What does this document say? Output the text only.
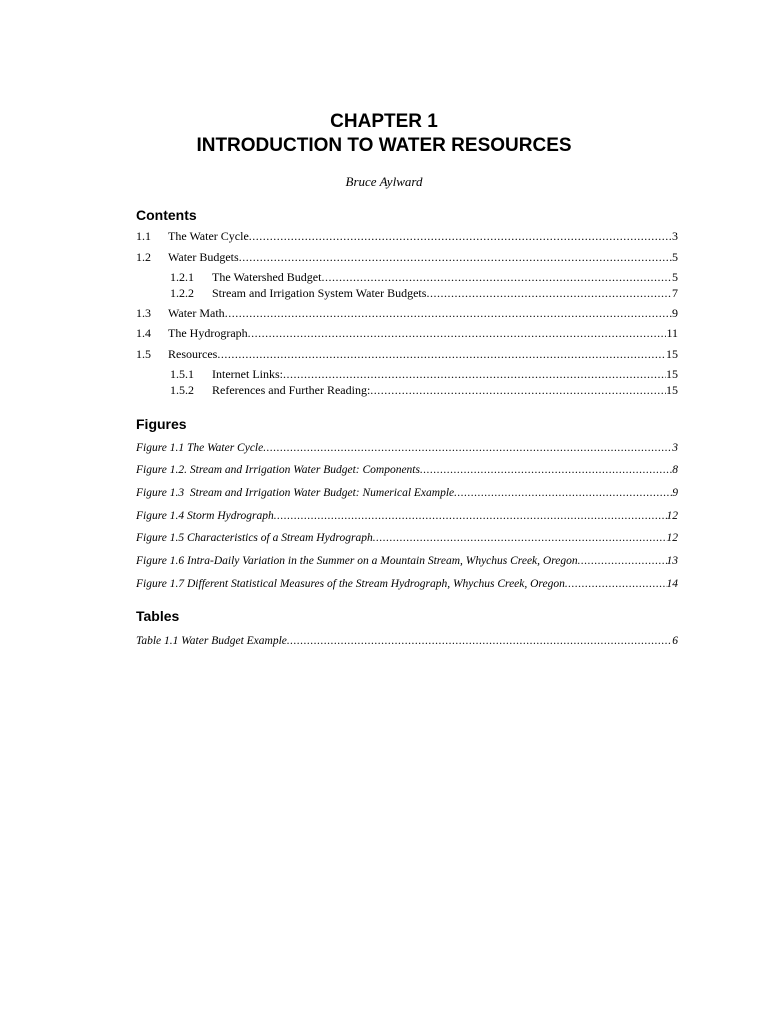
CHAPTER 1
INTRODUCTION TO WATER RESOURCES
Bruce Aylward
Contents
1.1	The Water Cycle .....	3
1.2	Water Budgets .....	5
1.2.1	The Watershed Budget .....	5
1.2.2	Stream and Irrigation System Water Budgets .....	7
1.3	Water Math .....	9
1.4	The Hydrograph .....	11
1.5	Resources .....	15
1.5.1	Internet Links: .....	15
1.5.2	References and Further Reading: .....	15
Figures
Figure 1.1 The Water Cycle .....	3
Figure 1.2. Stream and Irrigation Water Budget: Components .....	8
Figure 1.3  Stream and Irrigation Water Budget: Numerical Example .....	9
Figure 1.4 Storm Hydrograph .....	12
Figure 1.5 Characteristics of a Stream Hydrograph .....	12
Figure 1.6 Intra-Daily Variation in the Summer on a Mountain Stream, Whychus Creek, Oregon .....	13
Figure 1.7 Different Statistical Measures of the Stream Hydrograph, Whychus Creek, Oregon .....	14
Tables
Table 1.1 Water Budget Example .....	6
